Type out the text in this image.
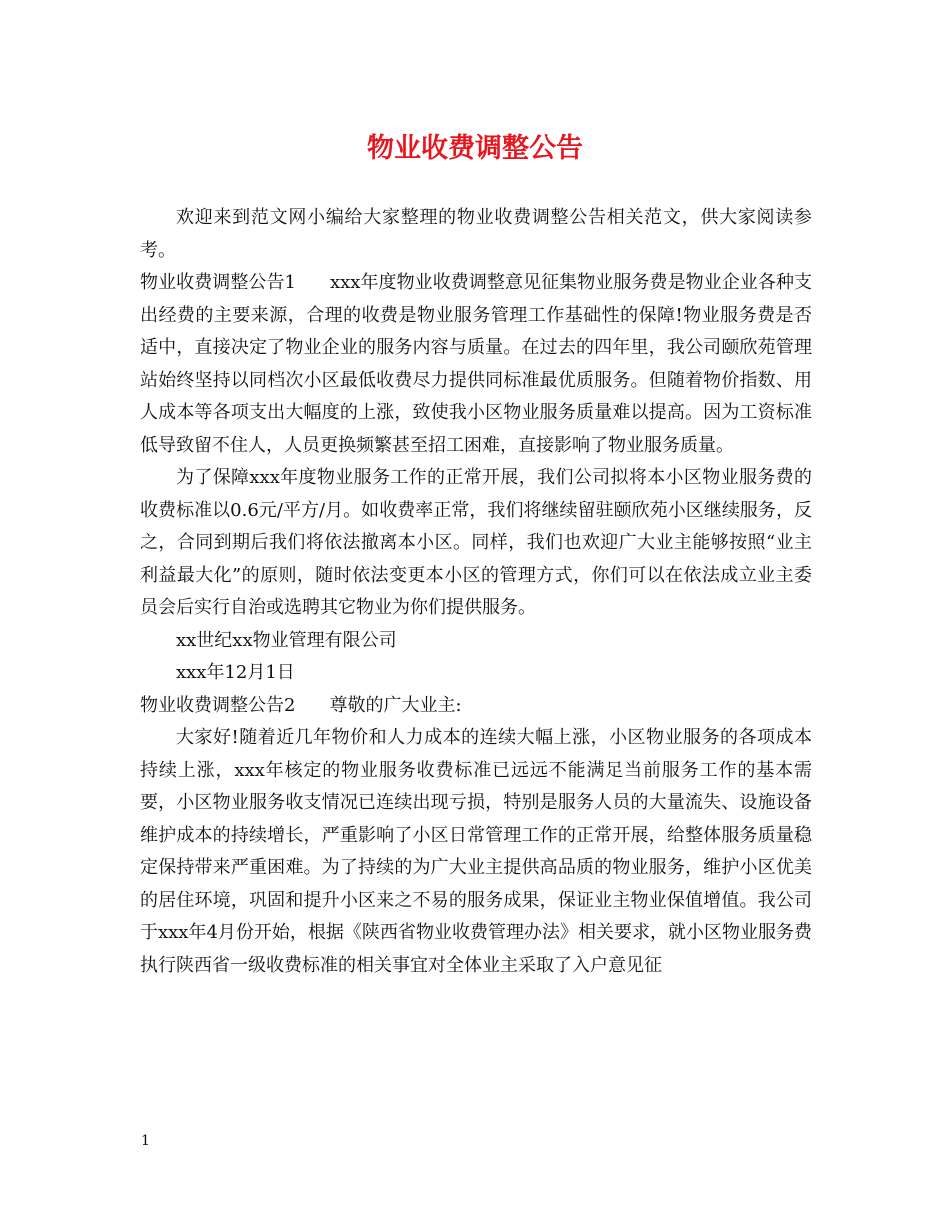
物业收费调整公告

欢迎来到范文网小编给大家整理的物业收费调整公告相关范文，供大家阅读参考。

物业收费调整公告1 xxx年度物业收费调整意见征集物业服务费是物业企业各种支出经费的主要来源，合理的收费是物业服务管理工作基础性的保障!物业服务费是否适中，直接决定了物业企业的服务内容与质量。在过去的四年里，我公司颐欣苑管理站始终坚持以同档次小区最低收费尽力提供同标准最优质服务。但随着物价指数、用人成本等各项支出大幅度的上涨，致使我小区物业服务质量难以提高。因为工资标准低导致留不住人，人员更换频繁甚至招工困难，直接影响了物业服务质量。

为了保障xxx年度物业服务工作的正常开展，我们公司拟将本小区物业服务费的收费标准以0.6元/平方/月。如收费率正常，我们将继续留驻颐欣苑小区继续服务，反之，合同到期后我们将依法撤离本小区。同样，我们也欢迎广大业主能够按照“业主利益最大化”的原则，随时依法变更本小区的管理方式，你们可以在依法成立业主委员会后实行自治或选聘其它物业为你们提供服务。

xx世纪xx物业管理有限公司

xxx年12月1日

物业收费调整公告2 尊敬的广大业主:

大家好!随着近几年物价和人力成本的连续大幅上涨，小区物业服务的各项成本持续上涨，xxx年核定的物业服务收费标准已远远不能满足当前服务工作的基本需要，小区物业服务收支情况已连续出现亏损，特别是服务人员的大量流失、设施设备维护成本的持续增长，严重影响了小区日常管理工作的正常开展，给整体服务质量稳定保持带来严重困难。为了持续的为广大业主提供高品质的物业服务，维护小区优美的居住环境，巩固和提升小区来之不易的服务成果，保证业主物业保值增值。我公司于xxx年4月份开始，根据《陕西省物业收费管理办法》相关要求，就小区物业服务费执行陕西省一级收费标准的相关事宜对全体业主采取了入户意见征

1
